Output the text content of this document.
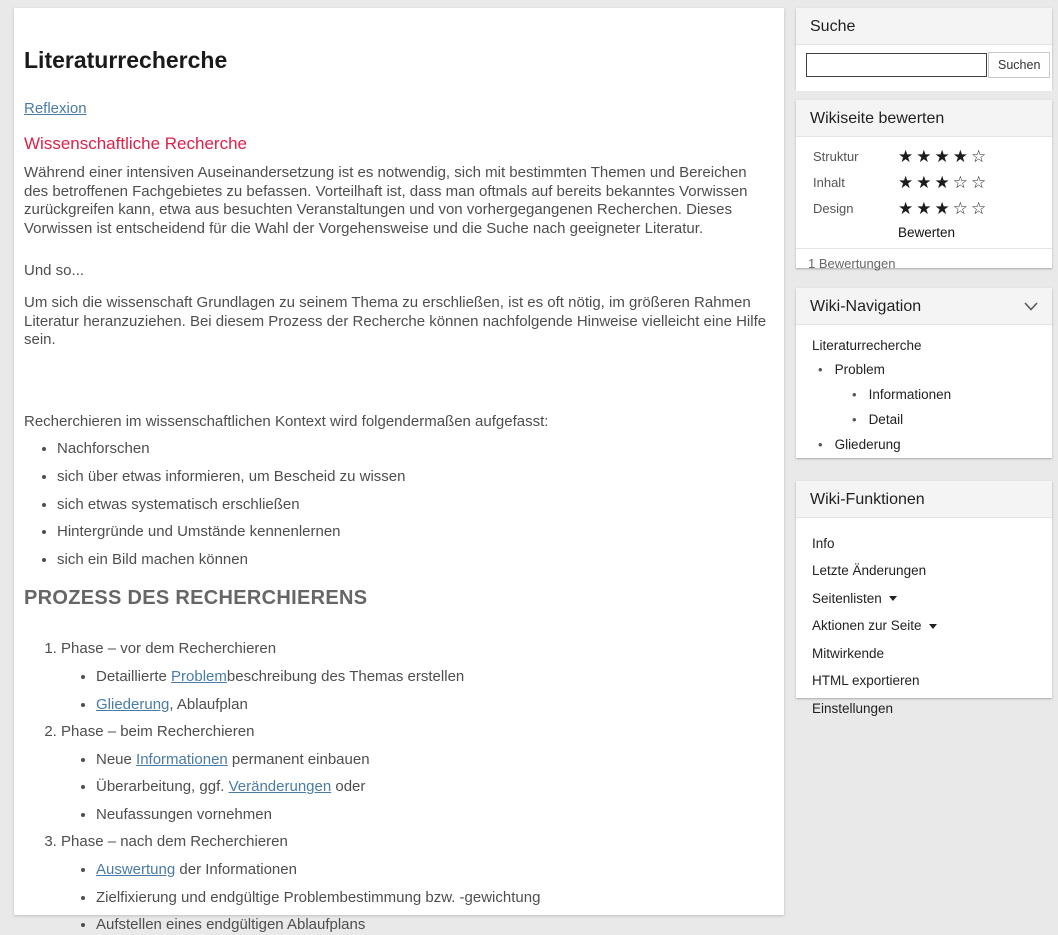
Literaturrecherche
Reflexion
Wissenschaftliche Recherche

Während einer intensiven Auseinandersetzung ist es notwendig, sich mit bestimmten Themen und Bereichen des betroffenen Fachgebietes zu befassen. Vorteilhaft ist, dass man oftmals auf bereits bekanntes Vorwissen zurückgreifen kann, etwa aus besuchten Veranstaltungen und von vorhergegangenen Recherchen. Dieses Vorwissen ist entscheidend für die Wahl der Vorgehensweise und die Suche nach geeigneter Literatur.

Und so...

Um sich die wissenschaft Grundlagen zu seinem Thema zu erschließen, ist es oft nötig, im größeren Rahmen Literatur heranzuziehen. Bei diesem Prozess der Recherche können nachfolgende Hinweise vielleicht eine Hilfe sein.

Recherchieren im wissenschaftlichen Kontext wird folgendermaßen aufgefasst:

• Nachforschen
• sich über etwas informieren, um Bescheid zu wissen
• sich etwas systematisch erschließen
• Hintergründe und Umstände kennenlernen
• sich ein Bild machen können
PROZESS DES RECHERCHIERENS
1. Phase – vor dem Recherchieren
• Detaillierte Problembeschreibung des Themas erstellen
• Gliederung, Ablaufplan
2. Phase – beim Recherchieren
• Neue Informationen permanent einbauen
• Überarbeitung, ggf. Veränderungen oder
• Neufassungen vornehmen
3. Phase – nach dem Recherchieren
• Auswertung der Informationen
• Zielfixierung und endgültige Problembestimmung bzw. -gewichtung
• Aufstellen eines endgültigen Ablaufplans
Suche
Suchen
Wikiseite bewerten
Struktur	★ ★ ★ ★ ☆
Inhalt	★ ★ ★ ☆ ☆
Design	★ ★ ★ ☆ ☆
Bewerten
1 Bewertungen
Wiki-Navigation
Literaturrecherche
• Problem
• Informationen
• Detail
• Gliederung
Wiki-Funktionen
Info
Letzte Änderungen
Seitenlisten
Aktionen zur Seite
Mitwirkende
HTML exportieren
Einstellungen
